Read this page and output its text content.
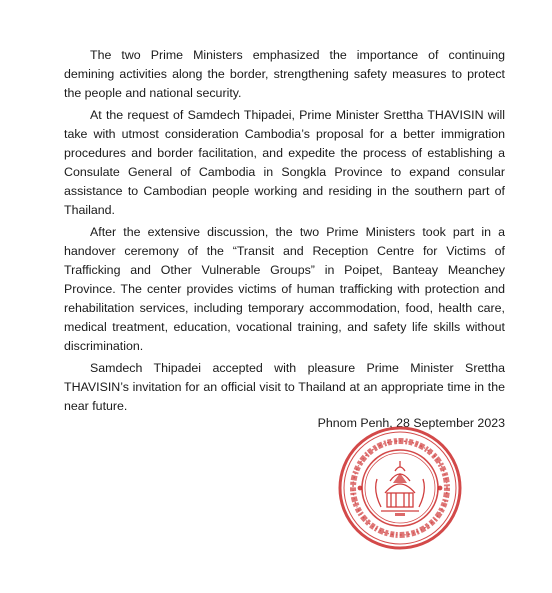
The two Prime Ministers emphasized the importance of continuing demining activities along the border, strengthening safety measures to protect the people and national security.

At the request of Samdech Thipadei, Prime Minister Srettha THAVISIN will take with utmost consideration Cambodia’s proposal for a better immigration procedures and border facilitation, and expedite the process of establishing a Consulate General of Cambodia in Songkla Province to expand consular assistance to Cambodian people working and residing in the southern part of Thailand.

After the extensive discussion, the two Prime Ministers took part in a handover ceremony of the “Transit and Reception Centre for Victims of Trafficking and Other Vulnerable Groups” in Poipet, Banteay Meanchey Province. The center provides victims of human trafficking with protection and rehabilitation services, including temporary accommodation, food, health care, medical treatment, education, vocational training, and safety life skills without discrimination.

Samdech Thipadei accepted with pleasure Prime Minister Srettha THAVISIN’s invitation for an official visit to Thailand at an appropriate time in the near future.

Phnom Penh, 28 September 2023
